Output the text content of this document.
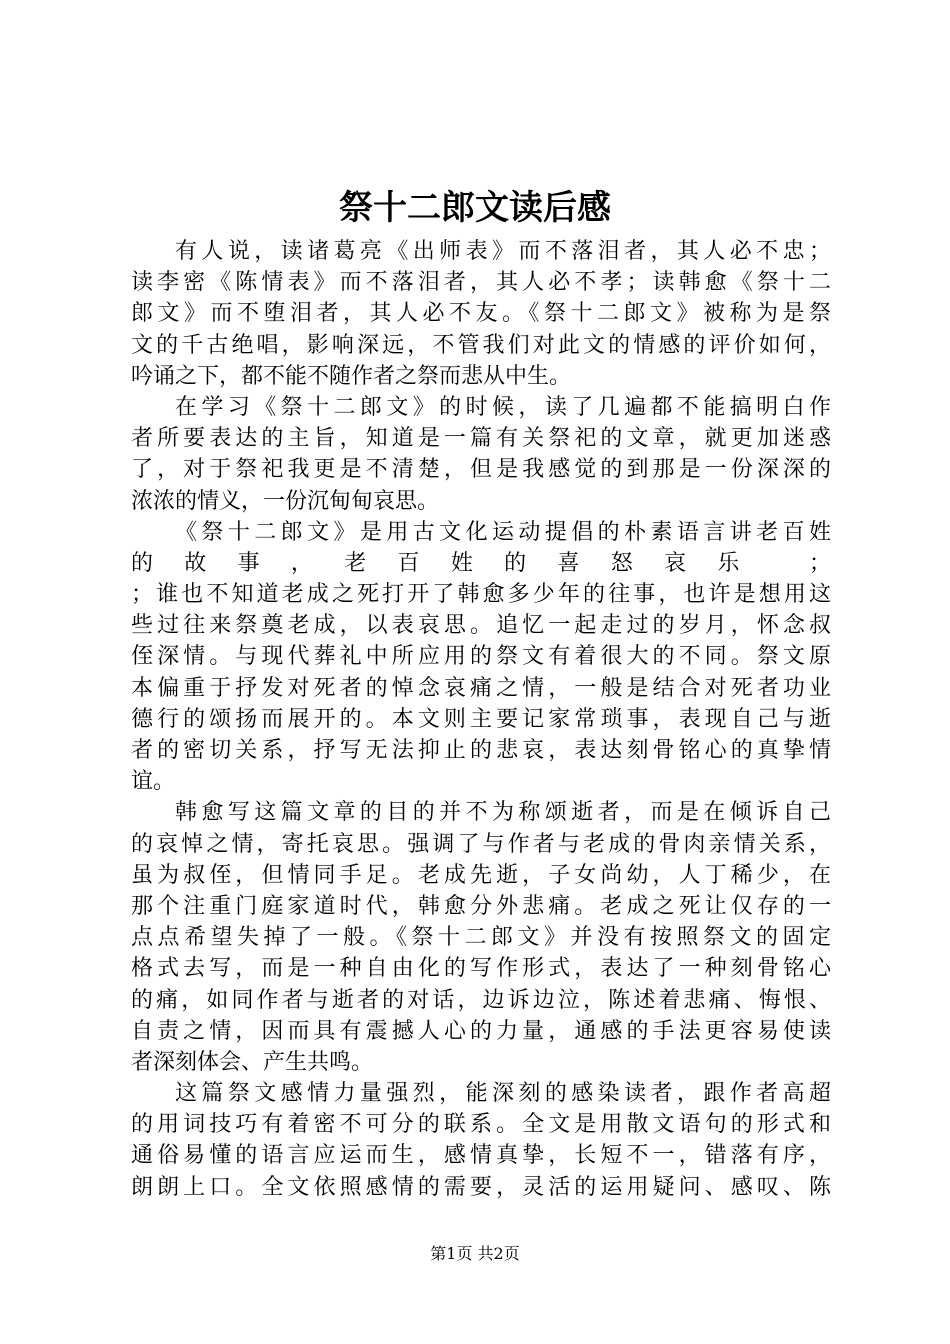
祭十二郎文读后感
有人说，读诸葛亮《出师表》而不落泪者，其人必不忠；
读李密《陈情表》而不落泪者，其人必不孝；读韩愈《祭十二
郎文》而不堕泪者，其人必不友。《祭十二郎文》被称为是祭
文的千古绝唱，影响深远，不管我们对此文的情感的评价如何，
吟诵之下，都不能不随作者之祭而悲从中生。
在学习《祭十二郎文》的时候，读了几遍都不能搞明白作
者所要表达的主旨，知道是一篇有关祭祀的文章，就更加迷惑
了，对于祭祀我更是不清楚，但是我感觉的到那是一份深深的
浓浓的情义，一份沉甸甸哀思。
《祭十二郎文》是用古文化运动提倡的朴素语言讲老百姓
的故事，老百姓的喜怒哀乐 ；
；谁也不知道老成之死打开了韩愈多少年的往事，也许是想用这
些过往来祭奠老成，以表哀思。追忆一起走过的岁月，怀念叔
侄深情。与现代葬礼中所应用的祭文有着很大的不同。祭文原
本偏重于抒发对死者的悼念哀痛之情，一般是结合对死者功业
德行的颂扬而展开的。本文则主要记家常琐事，表现自己与逝
者的密切关系，抒写无法抑止的悲哀，表达刻骨铭心的真挚情
谊。
韩愈写这篇文章的目的并不为称颂逝者，而是在倾诉自己
的哀悼之情，寄托哀思。强调了与作者与老成的骨肉亲情关系，
虽为叔侄，但情同手足。老成先逝，子女尚幼，人丁稀少，在
那个注重门庭家道时代，韩愈分外悲痛。老成之死让仅存的一
点点希望失掉了一般。《祭十二郎文》并没有按照祭文的固定
格式去写，而是一种自由化的写作形式，表达了一种刻骨铭心
的痛，如同作者与逝者的对话，边诉边泣，陈述着悲痛、悔恨、
自责之情，因而具有震撼人心的力量，通感的手法更容易使读
者深刻体会、产生共鸣。
这篇祭文感情力量强烈，能深刻的感染读者，跟作者高超
的用词技巧有着密不可分的联系。全文是用散文语句的形式和
通俗易懂的语言应运而生，感情真挚，长短不一，错落有序，
朗朗上口。全文依照感情的需要，灵活的运用疑问、感叹、陈
第1页 共2页
